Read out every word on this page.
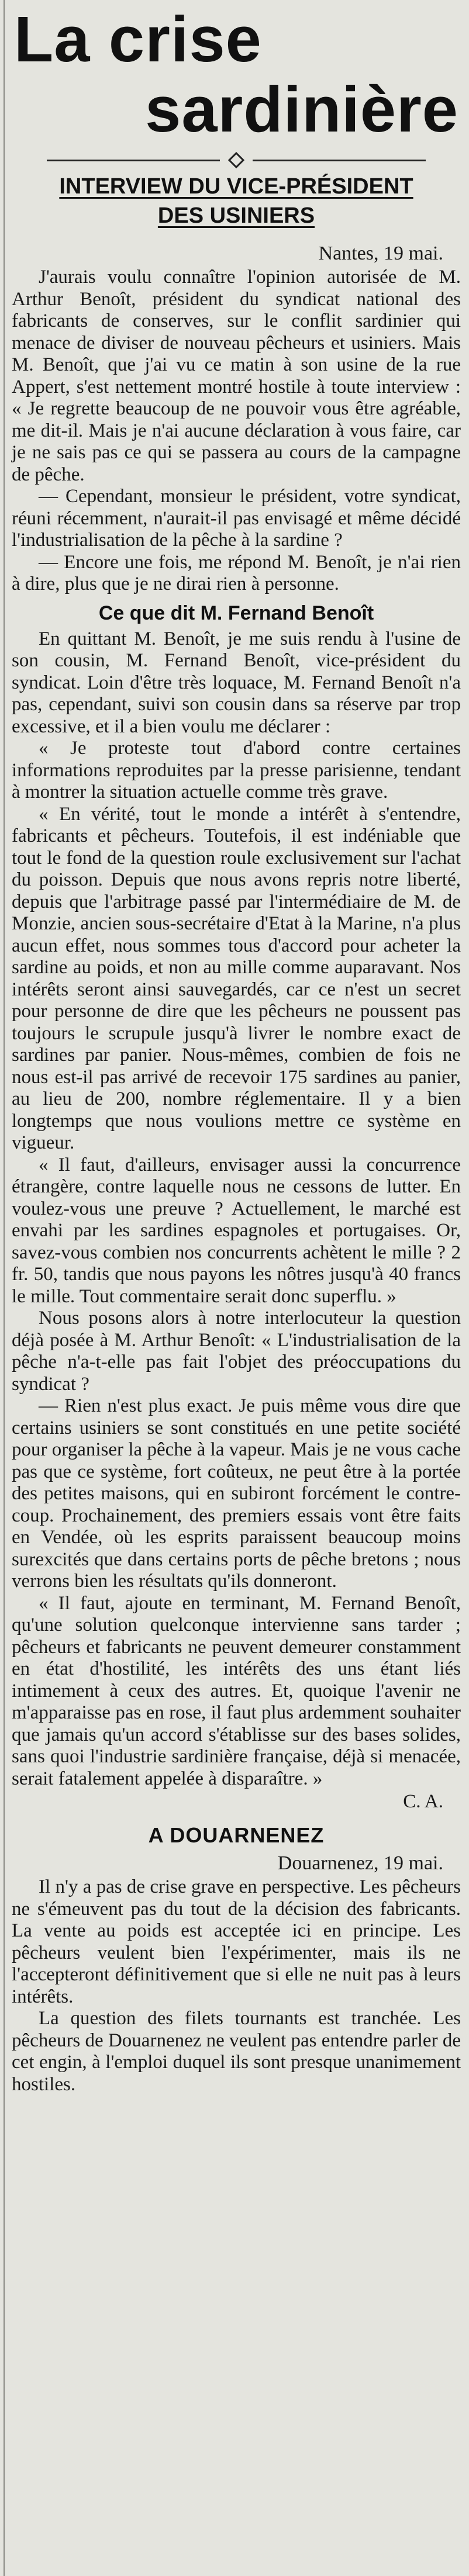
La crise
sardinière
INTERVIEW DU VICE-PRÉSIDENT
DES USINIERS
Nantes, 19 mai.

J'aurais voulu connaître l'opinion autorisée de M. Arthur Benoît, président du syndicat national des fabricants de conserves, sur le conflit sardinier qui menace de diviser de nouveau pêcheurs et usiniers. Mais M. Benoît, que j'ai vu ce matin à son usine de la rue Appert, s'est nettement montré hostile à toute interview : « Je regrette beaucoup de ne pouvoir vous être agréable, me dit-il. Mais je n'ai aucune déclaration à vous faire, car je ne sais pas ce qui se passera au cours de la campagne de pêche.

— Cependant, monsieur le président, votre syndicat, réuni récemment, n'aurait-il pas envisagé et même décidé l'industrialisation de la pêche à la sardine ?

— Encore une fois, me répond M. Benoît, je n'ai rien à dire, plus que je ne dirai rien à personne.

Ce que dit M. Fernand Benoît

En quittant M. Benoît, je me suis rendu à l'usine de son cousin, M. Fernand Benoît, vice-président du syndicat. Loin d'être très loquace, M. Fernand Benoît n'a pas, cependant, suivi son cousin dans sa réserve par trop excessive, et il a bien voulu me déclarer :

« Je proteste tout d'abord contre certaines informations reproduites par la presse parisienne, tendant à montrer la situation actuelle comme très grave.

« En vérité, tout le monde a intérêt à s'entendre, fabricants et pêcheurs. Toutefois, il est indéniable que tout le fond de la question roule exclusivement sur l'achat du poisson. Depuis que nous avons repris notre liberté, depuis que l'arbitrage passé par l'intermédiaire de M. de Monzie, ancien sous-secrétaire d'Etat à la Marine, n'a plus aucun effet, nous sommes tous d'accord pour acheter la sardine au poids, et non au mille comme auparavant. Nos intérêts seront ainsi sauvegardés, car ce n'est un secret pour personne de dire que les pêcheurs ne poussent pas toujours le scrupule jusqu'à livrer le nombre exact de sardines par panier. Nous-mêmes, combien de fois ne nous est-il pas arrivé de recevoir 175 sardines au panier, au lieu de 200, nombre réglementaire. Il y a bien longtemps que nous voulions mettre ce système en vigueur.

« Il faut, d'ailleurs, envisager aussi la concurrence étrangère, contre laquelle nous ne cessons de lutter. En voulez-vous une preuve ? Actuellement, le marché est envahi par les sardines espagnoles et portugaises. Or, savez-vous combien nos concurrents achètent le mille ? 2 fr. 50, tandis que nous payons les nôtres jusqu'à 40 francs le mille. Tout commentaire serait donc superflu. »

Nous posons alors à notre interlocuteur la question déjà posée à M. Arthur Benoît: « L'industrialisation de la pêche n'a-t-elle pas fait l'objet des préoccupations du syndicat ?

— Rien n'est plus exact. Je puis même vous dire que certains usiniers se sont constitués en une petite société pour organiser la pêche à la vapeur. Mais je ne vous cache pas que ce système, fort coûteux, ne peut être à la portée des petites maisons, qui en subiront forcément le contre-coup. Prochainement, des premiers essais vont être faits en Vendée, où les esprits paraissent beaucoup moins surexcités que dans certains ports de pêche bretons ; nous verrons bien les résultats qu'ils donneront.

« Il faut, ajoute en terminant, M. Fernand Benoît, qu'une solution quelconque intervienne sans tarder ; pêcheurs et fabricants ne peuvent demeurer constamment en état d'hostilité, les intérêts des uns étant liés intimement à ceux des autres. Et, quoique l'avenir ne m'apparaisse pas en rose, il faut plus ardemment souhaiter que jamais qu'un accord s'établisse sur des bases solides, sans quoi l'industrie sardinière française, déjà si menacée, serait fatalement appelée à disparaître. »

C. A.
A DOUARNENEZ
Douarnenez, 19 mai.

Il n'y a pas de crise grave en perspective. Les pêcheurs ne s'émeuvent pas du tout de la décision des fabricants. La vente au poids est acceptée ici en principe. Les pêcheurs veulent bien l'expérimenter, mais ils ne l'accepteront définitivement que si elle ne nuit pas à leurs intérêts.

La question des filets tournants est tranchée. Les pêcheurs de Douarnenez ne veulent pas entendre parler de cet engin, à l'emploi duquel ils sont presque unanimement hostiles.
